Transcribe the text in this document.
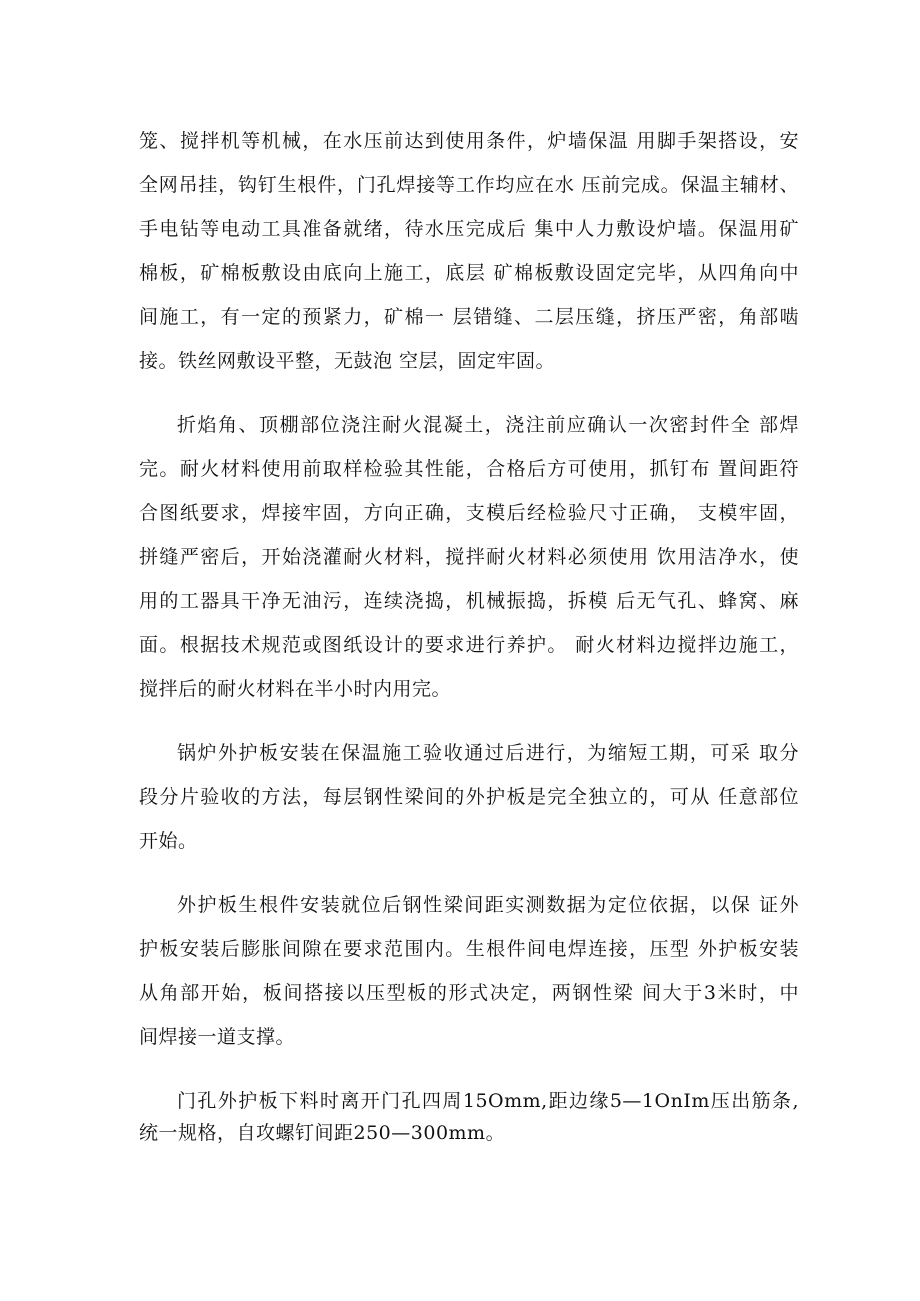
笼、搅拌机等机械，在水压前达到使用条件，炉墙保温 用脚手架搭设，安
全网吊挂，钩钉生根件，门孔焊接等工作均应在水 压前完成。保温主辅材、
手电钻等电动工具准备就绪，待水压完成后 集中人力敷设炉墙。保温用矿
棉板，矿棉板敷设由底向上施工，底层 矿棉板敷设固定完毕，从四角向中
间施工，有一定的预紧力，矿棉一 层错缝、二层压缝，挤压严密，角部啮
接。铁丝网敷设平整，无鼓泡 空层，固定牢固。
折焰角、顶棚部位浇注耐火混凝土，浇注前应确认一次密封件全 部焊
完。耐火材料使用前取样检验其性能，合格后方可使用，抓钉布 置间距符
合图纸要求，焊接牢固，方向正确，支模后经检验尺寸正确， 支模牢固，
拼缝严密后，开始浇灌耐火材料，搅拌耐火材料必须使用 饮用洁净水，使
用的工器具干净无油污，连续浇捣，机械振捣，拆模 后无气孔、蜂窝、麻
面。根据技术规范或图纸设计的要求进行养护。 耐火材料边搅拌边施工，
搅拌后的耐火材料在半小时内用完。
锅炉外护板安装在保温施工验收通过后进行，为缩短工期，可采 取分
段分片验收的方法，每层钢性梁间的外护板是完全独立的，可从 任意部位
开始。
外护板生根件安装就位后钢性梁间距实测数据为定位依据，以保 证外
护板安装后膨胀间隙在要求范围内。生根件间电焊连接，压型 外护板安装
从角部开始，板间搭接以压型板的形式决定，两钢性梁 间大于3米时，中
间焊接一道支撑。
门孔外护板下料时离开门孔四周15Omm,距边缘5—1OnIm压出筋条,
统一规格，自攻螺钉间距250—300mm。
